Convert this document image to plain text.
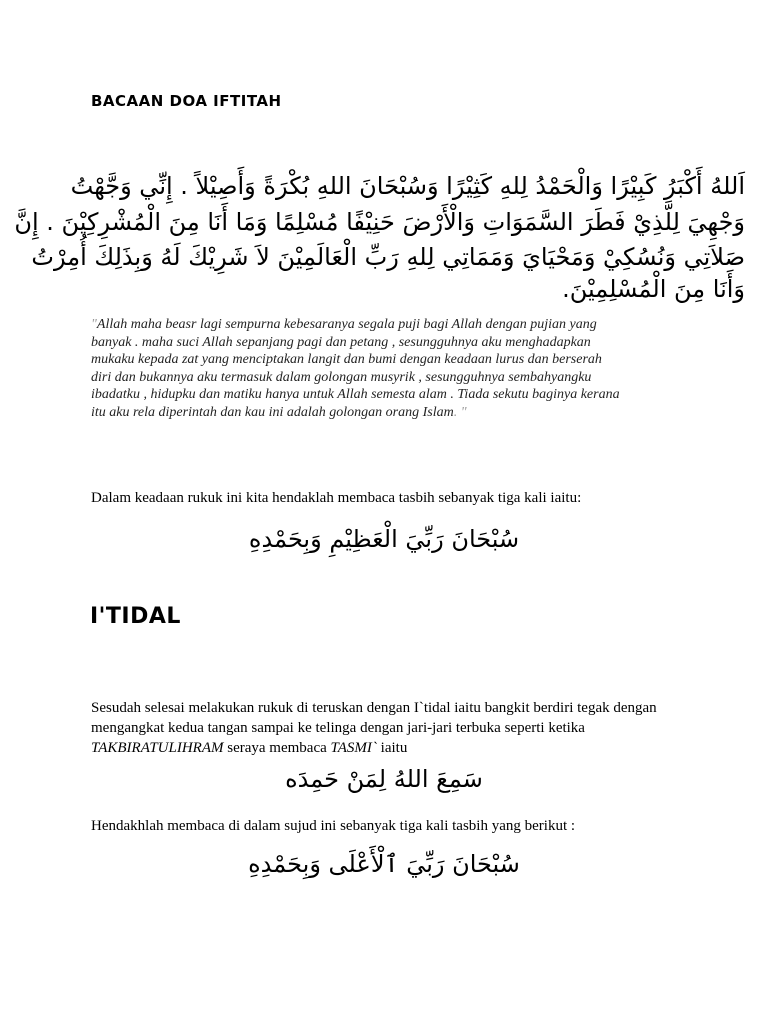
BACAAN DOA IFTITAH
اَللهُ أَكْبَرُ كَبِيْرًا وَالْحَمْدُ لِلهِ كَثِيْرًا وَسُبْحَانَ اللهِ بُكْرَةً وَأَصِيْلاً . إِنِّي وَجَّهْتُ
وَجْهِيَ لِلَّذِيْ فَطَرَ السَّمَوَاتِ وَالْأَرْضَ حَنِيْفًا مُسْلِمًا وَمَا أَنَا مِنَ الْمُشْرِكِيْنَ . إِنَّ
صَلاَتِي وَنُسُكِيْ وَمَحْيَايَ وَمَمَاتِي لِلهِ رَبِّ الْعَالَمِيْنَ لاَ شَرِيْكَ لَهُ وَبِذَلِكَ أُمِرْتُ
وَأَنَا مِنَ الْمُسْلِمِيْنَ.
"Allah maha beasr lagi sempurna kebesaranya segala puji bagi Allah dengan pujian yang banyak . maha suci Allah sepanjang pagi dan petang , sesungguhnya aku menghadapkan mukaku kepada zat yang menciptakan langit dan bumi dengan keadaan lurus dan berserah diri dan bukannya aku termasuk dalam golongan musyrik , sesungguhnya sembahyangku ibadatku , hidupku dan matiku hanya untuk Allah semesta alam . Tiada sekutu baginya kerana itu aku rela diperintah dan kau ini adalah golongan orang Islam. "
Dalam keadaan rukuk ini kita hendaklah membaca tasbih sebanyak tiga kali iaitu:
سُبْحَانَ رَبِّيَ الْعَظِيْمِ وَبِحَمْدِهِ
I'TIDAL
Sesudah selesai melakukan rukuk di teruskan dengan I`tidal iaitu bangkit berdiri tegak dengan mengangkat kedua tangan sampai ke telinga dengan jari-jari terbuka seperti ketika TAKBIRATULIHRAM seraya membaca TASMI` iaitu
سَمِعَ اللهُ لِمَنْ حَمِدَه
Hendakhlah membaca di dalam sujud ini sebanyak tiga kali tasbih yang berikut :
سُبْحَانَ رَبِّيَ ٱلْأَعْلَى وَبِحَمْدِهِ
